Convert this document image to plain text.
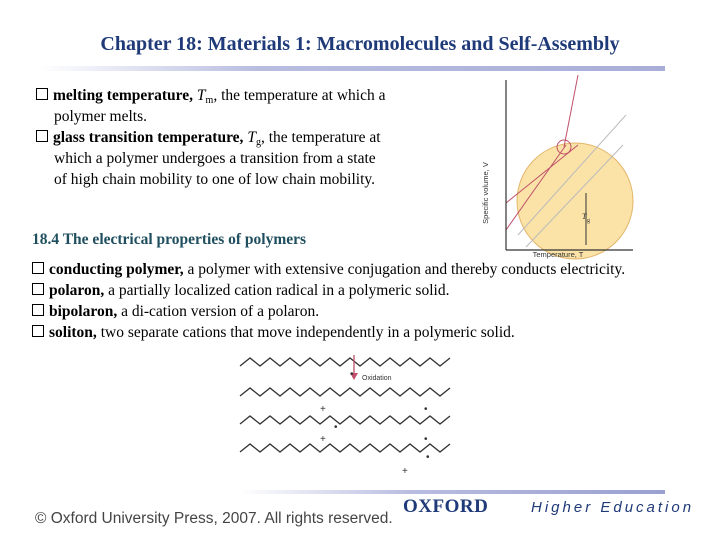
Chapter 18: Materials 1: Macromolecules and Self-Assembly
melting temperature, $T_m$, the temperature at which a
polymer melts.
glass transition temperature, $T_g$, the temperature at
which a polymer undergoes a transition from a state
of high chain mobility to one of low chain mobility.	Specific volume, V
Temperature, T
T g
18.4 The electrical properties of polymers
conducting polymer, a polymer with extensive conjugation and thereby conducts electricity.
polaron, a partially localized cation radical in a polymeric solid.
bipolaron, a di-cation version of a polaron.
soliton, two separate cations that move independently in a polymeric solid.
Oxidation
•
+
•
+	•
•
+
•
© Oxford University Press, 2007. All rights reserved.
OXFORD	Higher Education
